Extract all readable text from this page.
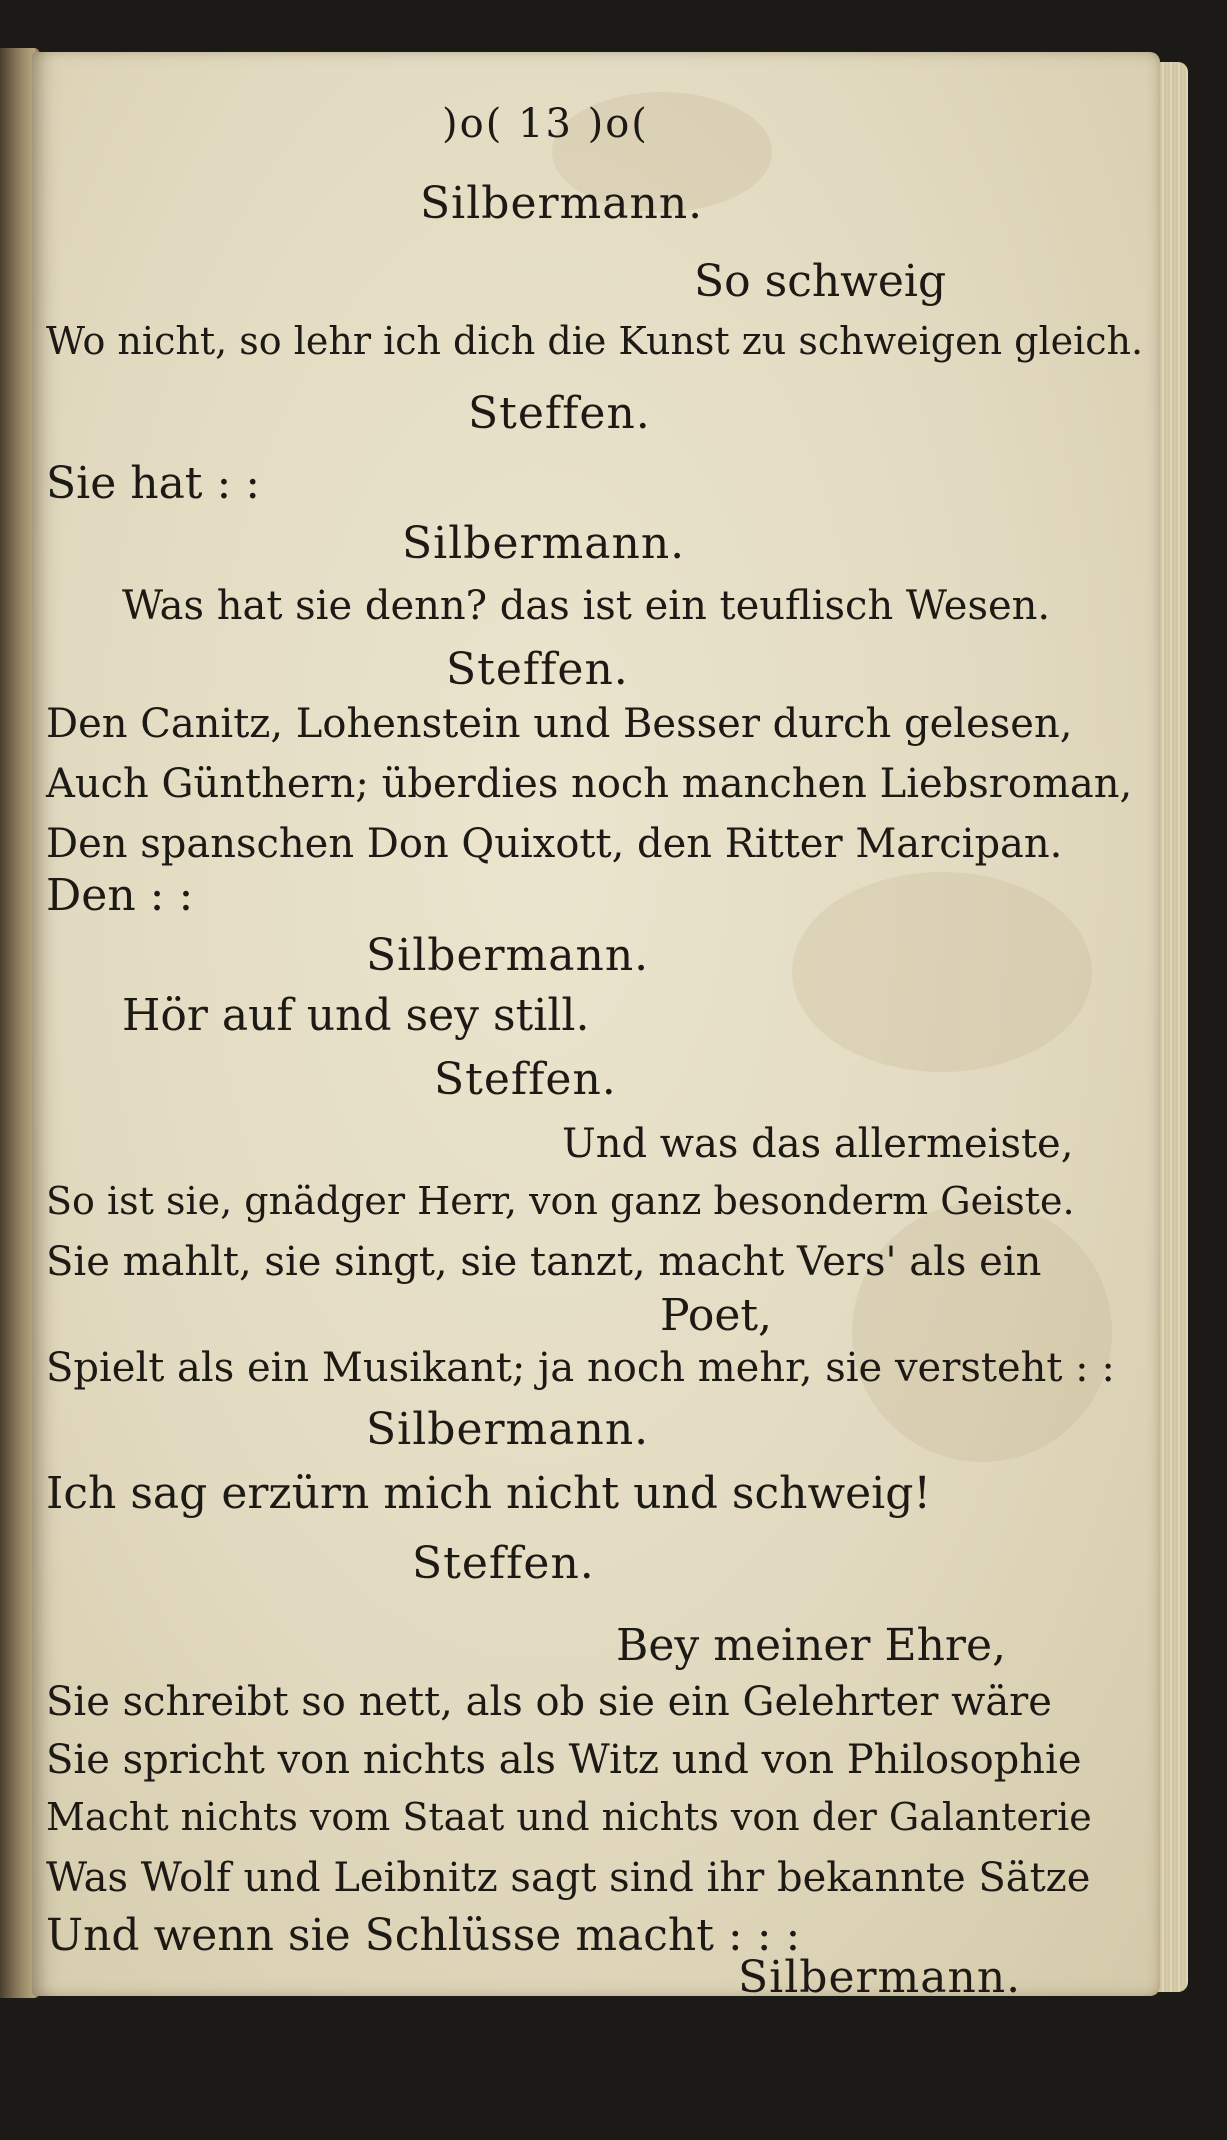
)o( 13 )o(

Silbermann.

So schweig

Wo nicht, so lehr ich dich die Kunst zu schweigen gleich.

Steffen.

Sie hat : :

Silbermann.

Was hat sie denn? das ist ein teuflisch Wesen.

Steffen.

Den Canitz, Lohenstein und Besser durch gelesen,

Auch Günthern; überdies noch manchen Liebsroman,

Den spanschen Don Quixott, den Ritter Marcipan.

Den : :

Silbermann.

Hör auf und sey still.

Steffen.

Und was das allermeiste,

So ist sie, gnädger Herr, von ganz besonderm Geiste.

Sie mahlt, sie singt, sie tanzt, macht Vers' als ein

Poet,

Spielt als ein Musikant; ja noch mehr, sie versteht : :

Silbermann.

Ich sag erzürn mich nicht und schweig!

Steffen.

Bey meiner Ehre,

Sie schreibt so nett, als ob sie ein Gelehrter wäre

Sie spricht von nichts als Witz und von Philosophie

Macht nichts vom Staat und nichts von der Galanterie

Was Wolf und Leibnitz sagt sind ihr bekannte Sätze

Und wenn sie Schlüsse macht : : :

Silbermann.
